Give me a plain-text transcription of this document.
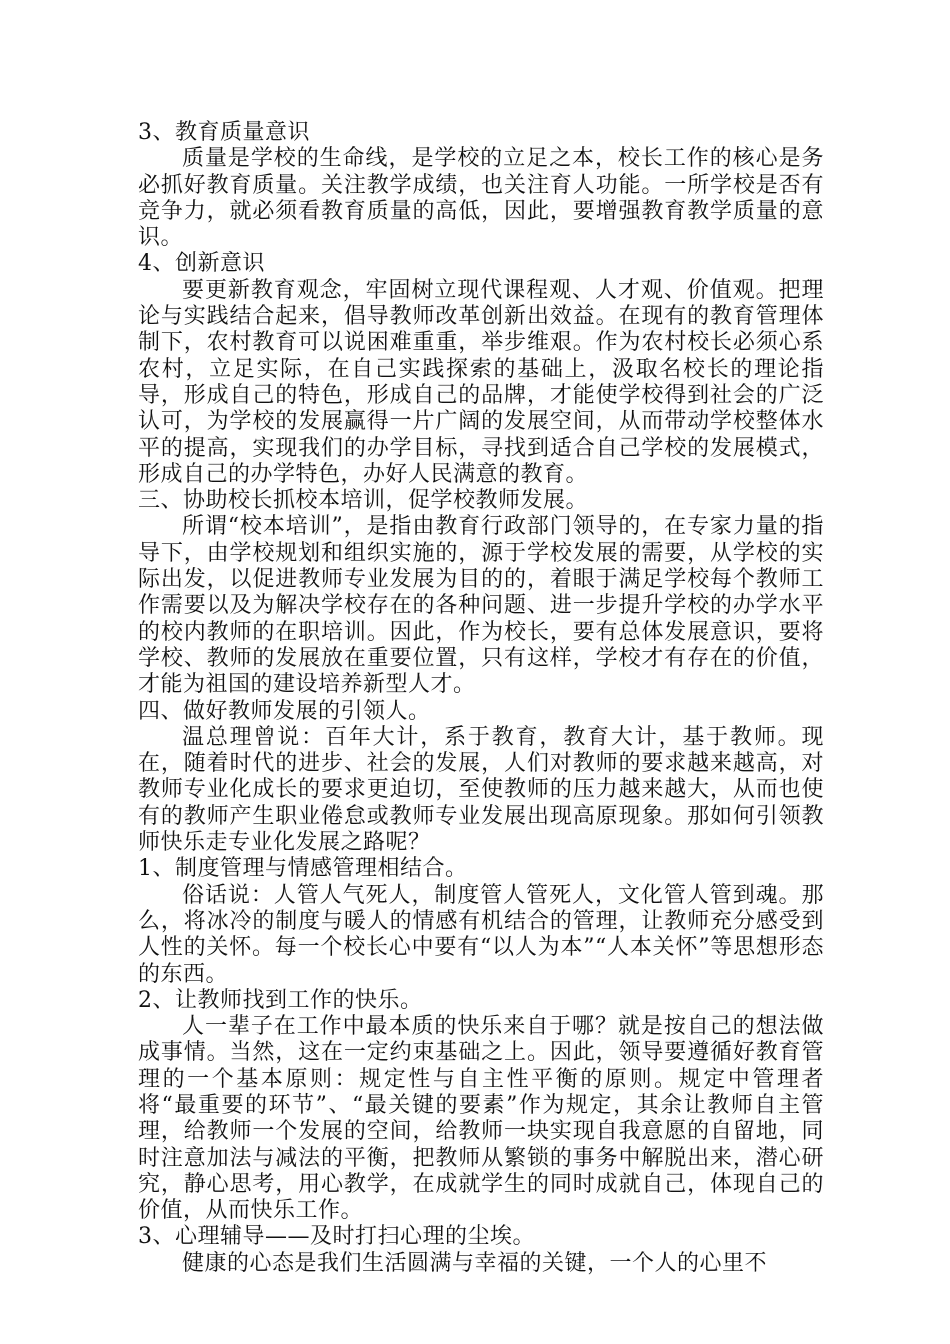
3、教育质量意识
质量是学校的生命线，是学校的立足之本，校长工作的核心是务必抓好教育质量。关注教学成绩，也关注育人功能。一所学校是否有竞争力，就必须看教育质量的高低，因此，要增强教育教学质量的意识。
4、创新意识
要更新教育观念，牢固树立现代课程观、人才观、价值观。把理论与实践结合起来，倡导教师改革创新出效益。在现有的教育管理体制下，农村教育可以说困难重重，举步维艰。作为农村校长必须心系农村，立足实际，在自己实践探索的基础上，汲取名校长的理论指导，形成自己的特色，形成自己的品牌，才能使学校得到社会的广泛认可，为学校的发展赢得一片广阔的发展空间，从而带动学校整体水平的提高，实现我们的办学目标，寻找到适合自己学校的发展模式，形成自己的办学特色，办好人民满意的教育。
三、协助校长抓校本培训，促学校教师发展。
所谓“校本培训”，是指由教育行政部门领导的，在专家力量的指导下，由学校规划和组织实施的，源于学校发展的需要，从学校的实际出发，以促进教师专业发展为目的的，着眼于满足学校每个教师工作需要以及为解决学校存在的各种问题、进一步提升学校的办学水平的校内教师的在职培训。因此，作为校长，要有总体发展意识，要将学校、教师的发展放在重要位置，只有这样，学校才有存在的价值，才能为祖国的建设培养新型人才。
四、做好教师发展的引领人。
温总理曾说：百年大计，系于教育，教育大计，基于教师。现在，随着时代的进步、社会的发展，人们对教师的要求越来越高，对教师专业化成长的要求更迫切，至使教师的压力越来越大，从而也使有的教师产生职业倦怠或教师专业发展出现高原现象。那如何引领教师快乐走专业化发展之路呢？
1、制度管理与情感管理相结合。
俗话说：人管人气死人，制度管人管死人，文化管人管到魂。那么，将冰冷的制度与暖人的情感有机结合的管理，让教师充分感受到人性的关怀。每一个校长心中要有“以人为本”“人本关怀”等思想形态的东西。
2、让教师找到工作的快乐。
人一辈子在工作中最本质的快乐来自于哪？就是按自己的想法做成事情。当然，这在一定约束基础之上。因此，领导要遵循好教育管理的一个基本原则：规定性与自主性平衡的原则。规定中管理者将“最重要的环节”、“最关键的要素”作为规定，其余让教师自主管理，给教师一个发展的空间，给教师一块实现自我意愿的自留地，同时注意加法与减法的平衡，把教师从繁锁的事务中解脱出来，潜心研究，静心思考，用心教学，在成就学生的同时成就自己，体现自己的价值，从而快乐工作。
3、心理辅导——及时打扫心理的尘埃。
健康的心态是我们生活圆满与幸福的关键，一个人的心里不
